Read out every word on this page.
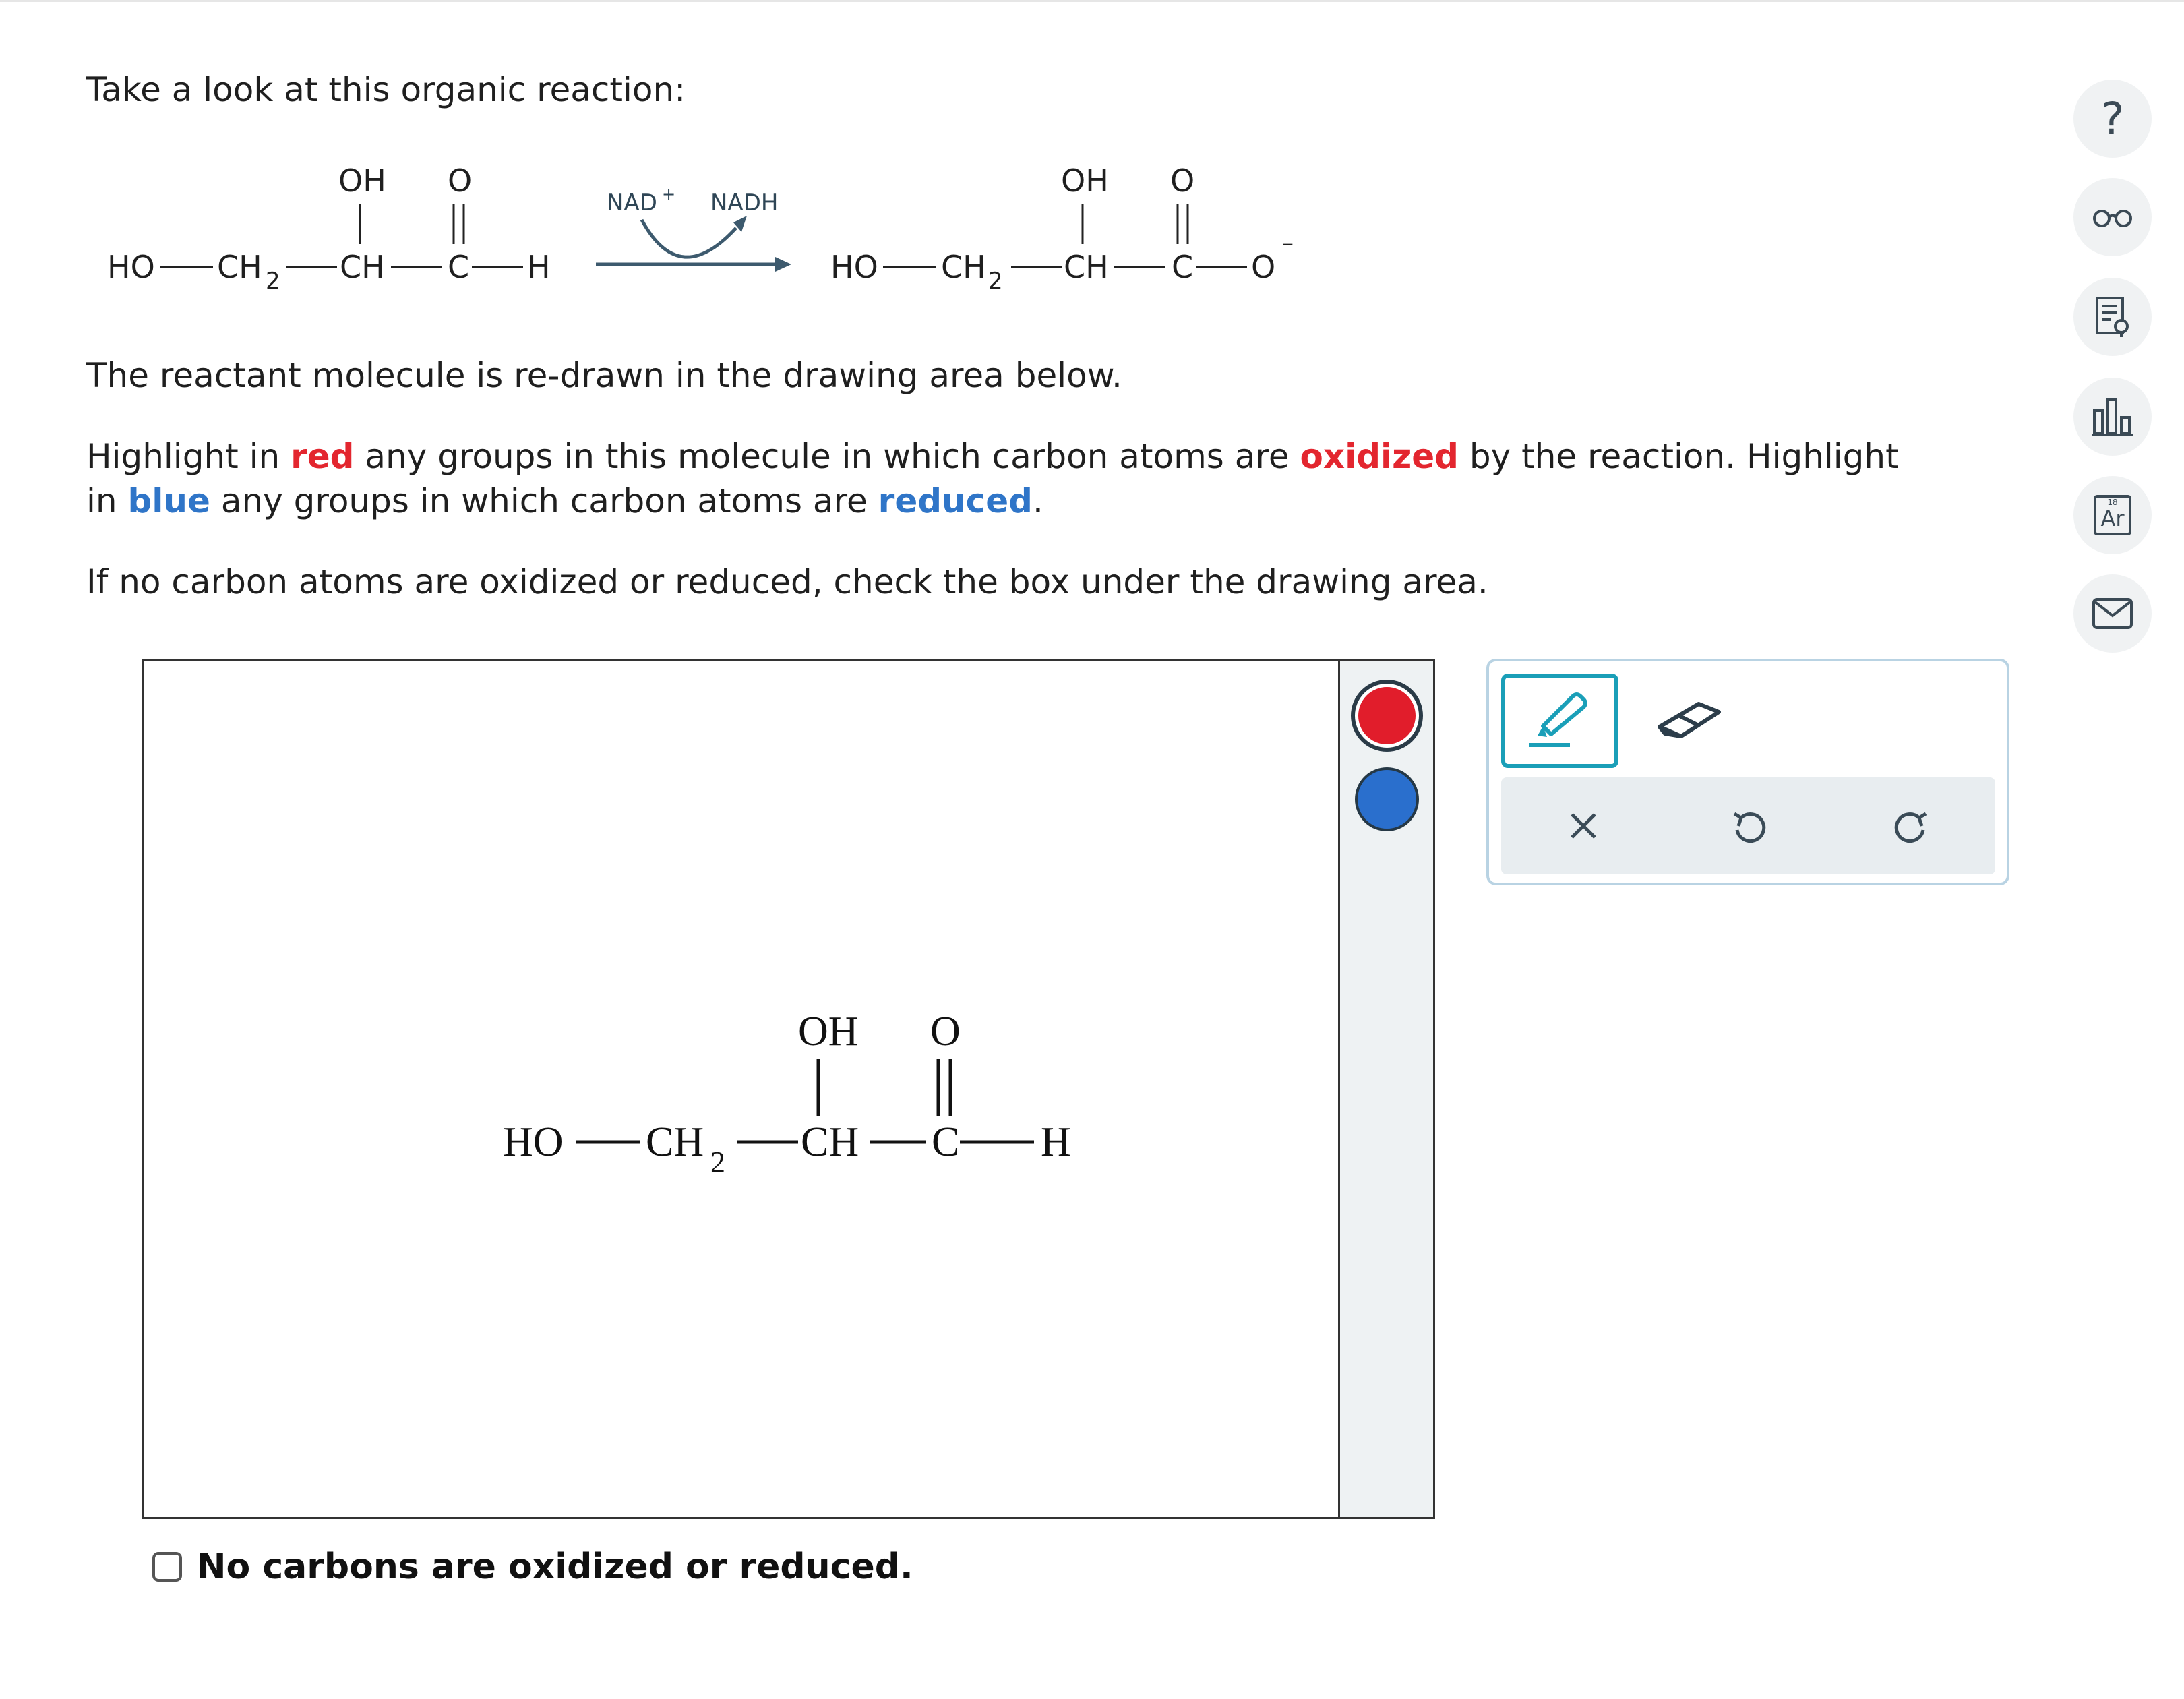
Take a look at this organic reaction:

HO CH 2 CH
OH
C
O
H
NAD + NADH
HO CH 2 CH
OH
C
O
O
–

The reactant molecule is re-drawn in the drawing area below.

Highlight in red any groups in this molecule in which carbon atoms are oxidized by the reaction. Highlight

in blue any groups in which carbon atoms are reduced.

If no carbon atoms are oxidized or reduced, check the box under the drawing area.

HO CH 2 CH
OH
C
O
H
No carbons are oxidized or reduced.
?
18
Ar
